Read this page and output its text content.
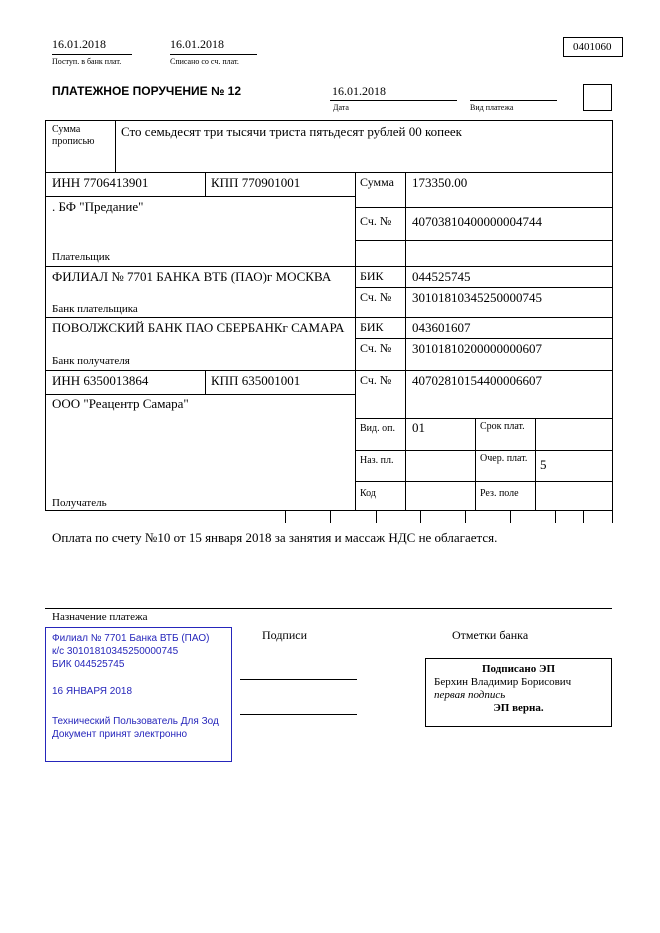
16.01.2018
Поступ. в банк плат.
16.01.2018
Списано со сч. плат.
0401060
ПЛАТЕЖНОЕ ПОРУЧЕНИЕ № 12	16.01.2018
Дата	Вид платежа
Сумма
прописью
Сто семьдесят три тысячи триста пятьдесят рублей 00 копеек
ИНН 7706413901	КПП 770901001	Сумма 173350.00
. БФ "Предание"
Сч. № 40703810400000004744
Плательщик
ФИЛИАЛ № 7701 БАНКА ВТБ (ПАО)г МОСКВА БИК 044525745
Сч. № 30101810345250000745
Банк плательщика
ПОВОЛЖСКИЙ БАНК ПАО СБЕРБАНКг САМАРА БИК 043601607
Сч. № 30101810200000000607
Банк получателя
ИНН 6350013864	КПП 635001001	Сч. № 40702810154400006607
ООО "Реацентр Самара"
Вид. оп. 01	Срок плат.
Наз. пл.	Очер. плат. 5
Код	Рез. поле
Получатель
Оплата по счету №10 от 15 января 2018 за занятия и массаж НДС не облагается.
Назначение платежа
Филиал № 7701 Банка ВТБ (ПАО)
к/с 30101810345250000745
БИК 044525745
16 ЯНВАРЯ 2018
Технический Пользователь Для Зод
Документ принят электронно
Подписи	Отметки банка
Подписано ЭП
Берхин Владимир Борисович
первая подпись
ЭП верна.
